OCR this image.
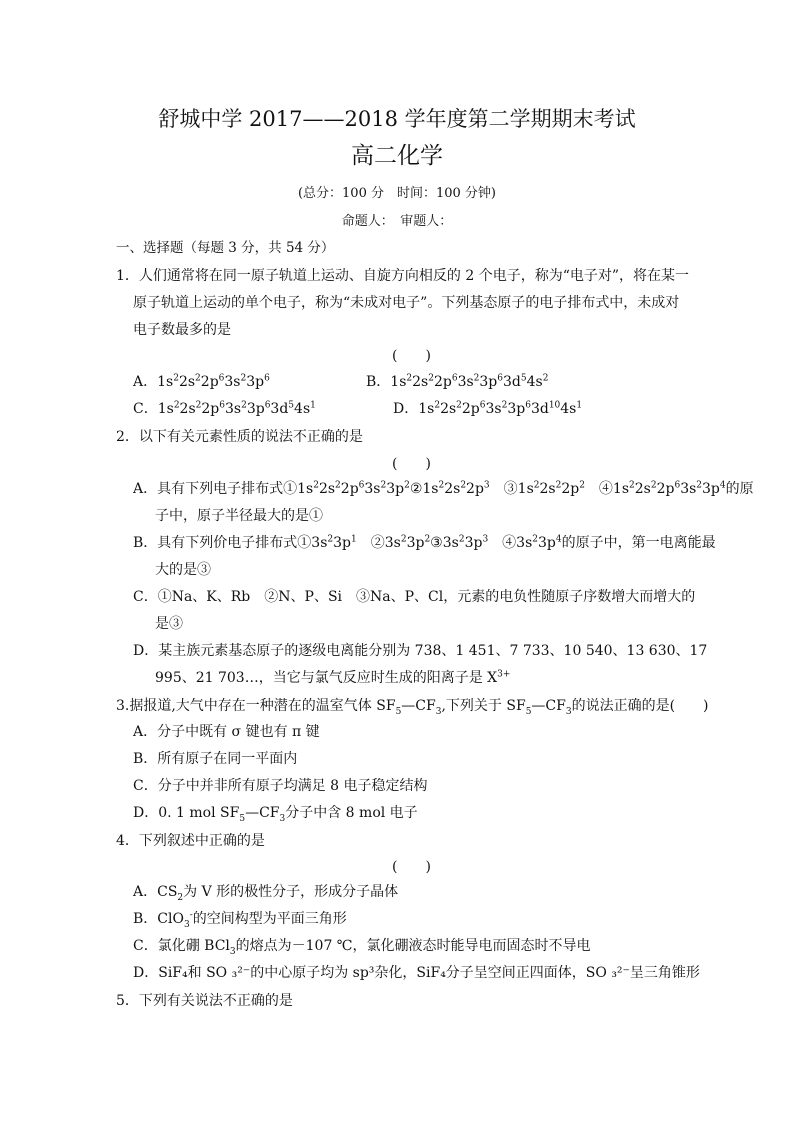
舒城中学 2017——2018 学年度第二学期期末考试
高二化学
(总分：100 分　时间：100 分钟)
命题人：　审题人：
一、选择题（每题 3 分，共 54 分）
1．人们通常将在同一原子轨道上运动、自旋方向相反的 2 个电子，称为“电子对”，将在某一
原子轨道上运动的单个电子，称为“未成对电子”。下列基态原子的电子排布式中，未成对
电子数最多的是
(　　)
A．$1s^22s^22p^63s^23p^6$	B．$1s^22s^22p^63s^23p^63d^54s^2$
C．$1s^22s^22p^63s^23p^63d^54s^1$	D．$1s^22s^22p^63s^23p^63d^{10}4s^1$
2．以下有关元素性质的说法不正确的是
(　　)
A．具有下列电子排布式$①1s^22s^22p^63s^23p^2②1s^22s^22p^3$　$③1s^22s^22p^2$　$④1s^22s^22p^63s^23p^4$的原
子中，原子半径最大的是①
B．具有下列价电子排布式$①3s^23p^1$　$②3s^23p^2③3s^23p^3$　$④3s^23p^4$的原子中，第一电离能最
大的是③
C．①Na、K、Rb　②N、P、Si　③Na、P、Cl，元素的电负性随原子序数增大而增大的
是③
D．某主族元素基态原子的逐级电离能分别为 738、1 451、7 733、10 540、13 630、17
995、21 703…，当它与氯气反应时生成的阳离子是 $X^{3+}$
3.据报道,大气中存在一种潜在的温室气体 $SF_5—CF_3$,下列关于 $SF_5—CF_3$的说法正确的是(　　)
A．分子中既有 σ 键也有 π 键
B．所有原子在同一平面内
C．分子中并非所有原子均满足 8 电子稳定结构
D．0. 1 mol $SF_5—CF_3$分子中含 8 mol 电子
4．下列叙述中正确的是
(　　)
A．$CS_2$为 V 形的极性分子，形成分子晶体
B．ClO$_3$-的空间构型为平面三角形
C．氯化硼 BCl$_3$的熔点为－107 ℃，氯化硼液态时能导电而固态时不导电
D．SiF₄和 SO ₃²⁻的中心原子均为 sp³杂化，SiF₄分子呈空间正四面体，SO ₃²⁻呈三角锥形
5．下列有关说法不正确的是
